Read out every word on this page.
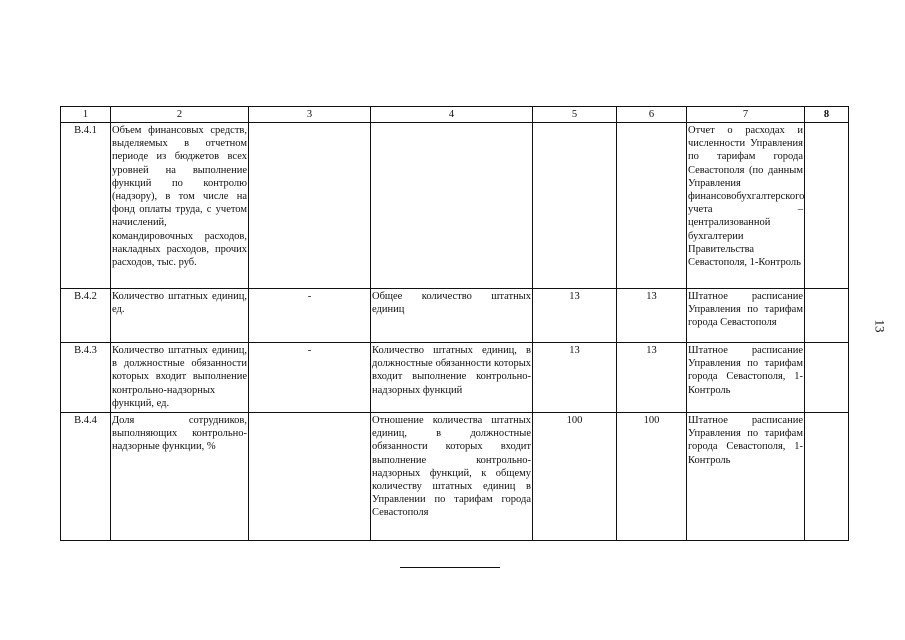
1	2	3	4	5	6	7	8
В.4.1	Объем финансовых средств, выделяемых в отчетном периоде из бюджетов всех уровней на выполнение функций по контролю (надзору), в том числе на фонд оплаты труда, с учетом начислений, командировочных расходов, накладных расходов, прочих расходов, тыс. руб.					Отчет о расходах и численности Управления по тарифам города Севастополя (по данным Управления финансовобухгалтерского учета – централизованной бухгалтерии Правительства Севастополя, 1-Контроль	
В.4.2	Количество штатных единиц, ед.	-	Общее количество штатных единиц	13	13	Штатное расписание Управления по тарифам города Севастополя	
В.4.3	Количество штатных единиц, в должностные обязанности которых входит выполнение контрольно-надзорных функций, ед.	-	Количество штатных единиц, в должностные обязанности которых входит выполнение контрольно-надзорных функций	13	13	Штатное расписание Управления по тарифам города Севастополя, 1-Контроль	
В.4.4	Доля сотрудников, выполняющих контрольно-надзорные функции, %		Отношение количества штатных единиц, в должностные обязанности которых входит выполнение контрольно-надзорных функций, к общему количеству штатных единиц в Управлении по тарифам города Севастополя	100	100	Штатное расписание Управления по тарифам города Севастополя, 1-Контроль	
13
